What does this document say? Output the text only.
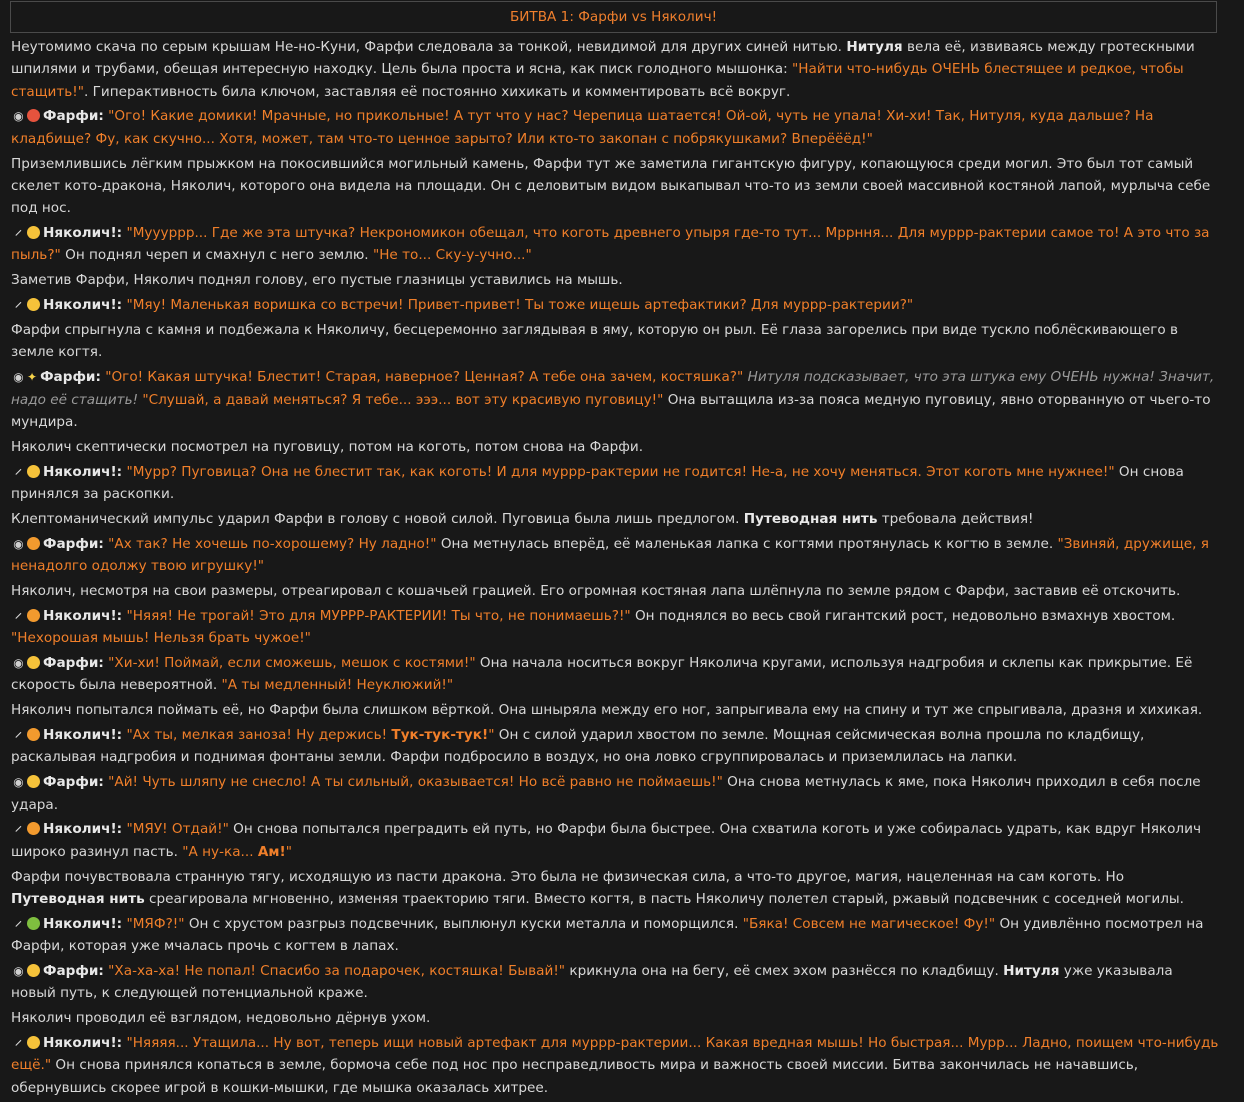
БИТВА 1: Фарфи vs Няколич!
Неутомимо скача по серым крышам Не-но-Куни, Фарфи следовала за тонкой, невидимой для других синей нитью. Нитуля вела её, извиваясь между гротескными шпилями и трубами, обещая интересную находку. Цель была проста и ясна, как писк голодного мышонка: "Найти что-нибудь ОЧЕНЬ блестящее и редкое, чтобы стащить!". Гиперактивность била ключом, заставляя её постоянно хихикать и комментировать всё вокруг.
◉ Фарфи: "Ого! Какие домики! Мрачные, но прикольные! А тут что у нас? Черепица шатается! Ой-ой, чуть не упала! Хи-хи! Так, Нитуля, куда дальше? На кладбище? Фу, как скучно... Хотя, может, там что-то ценное зарыто? Или кто-то закопан с побрякушками? Вперёёёд!"
Приземлившись лёгким прыжком на покосившийся могильный камень, Фарфи тут же заметила гигантскую фигуру, копающуюся среди могил. Это был тот самый скелет кото-дракона, Няколич, которого она видела на площади. Он с деловитым видом выкапывал что-то из земли своей массивной костяной лапой, мурлыча себе под нос.
─ Няколич!: "Муууррр... Где же эта штучка? Некрономикон обещал, что коготь древнего упыря где-то тут... Мррння... Для муррр-рактерии самое то! А это что за пыль?" Он поднял череп и смахнул с него землю. "Не то... Ску-у-учно..."
Заметив Фарфи, Няколич поднял голову, его пустые глазницы уставились на мышь.
─ Няколич!: "Мяу! Маленькая воришка со встречи! Привет-привет! Ты тоже ищешь артефактики? Для муррр-рактерии?"
Фарфи спрыгнула с камня и подбежала к Няколичу, бесцеремонно заглядывая в яму, которую он рыл. Её глаза загорелись при виде тускло поблёскивающего в земле когтя.
◉ ✦ Фарфи: "Ого! Какая штучка! Блестит! Старая, наверное? Ценная? А тебе она зачем, костяшка?" Нитуля подсказывает, что эта штука ему ОЧЕНЬ нужна! Значит, надо её стащить! "Слушай, а давай меняться? Я тебе... эээ... вот эту красивую пуговицу!" Она вытащила из-за пояса медную пуговицу, явно оторванную от чьего-то мундира.
Няколич скептически посмотрел на пуговицу, потом на коготь, потом снова на Фарфи.
─ Няколич!: "Мурр? Пуговица? Она не блестит так, как коготь! И для муррр-рактерии не годится! Не-а, не хочу меняться. Этот коготь мне нужнее!" Он снова принялся за раскопки.
Клептоманический импульс ударил Фарфи в голову с новой силой. Пуговица была лишь предлогом. Путеводная нить требовала действия!
◉ Фарфи: "Ах так? Не хочешь по-хорошему? Ну ладно!" Она метнулась вперёд, её маленькая лапка с когтями протянулась к когтю в земле. "Звиняй, дружище, я ненадолго одолжу твою игрушку!"
Няколич, несмотря на свои размеры, отреагировал с кошачьей грацией. Его огромная костяная лапа шлёпнула по земле рядом с Фарфи, заставив её отскочить.
─ Няколич!: "Няяя! Не трогай! Это для МУРРР-РАКТЕРИИ! Ты что, не понимаешь?!" Он поднялся во весь свой гигантский рост, недовольно взмахнув хвостом. "Нехорошая мышь! Нельзя брать чужое!"
◉ Фарфи: "Хи-хи! Поймай, если сможешь, мешок с костями!" Она начала носиться вокруг Няколича кругами, используя надгробия и склепы как прикрытие. Её скорость была невероятной. "А ты медленный! Неуклюжий!"
Няколич попытался поймать её, но Фарфи была слишком вёрткой. Она шныряла между его ног, запрыгивала ему на спину и тут же спрыгивала, дразня и хихикая.
─ Няколич!: "Ах ты, мелкая заноза! Ну держись! Тук-тук-тук!" Он с силой ударил хвостом по земле. Мощная сейсмическая волна прошла по кладбищу, раскалывая надгробия и поднимая фонтаны земли. Фарфи подбросило в воздух, но она ловко сгруппировалась и приземлилась на лапки.
◉ Фарфи: "Ай! Чуть шляпу не снесло! А ты сильный, оказывается! Но всё равно не поймаешь!" Она снова метнулась к яме, пока Няколич приходил в себя после удара.
─ Няколич!: "МЯУ! Отдай!" Он снова попытался преградить ей путь, но Фарфи была быстрее. Она схватила коготь и уже собиралась удрать, как вдруг Няколич широко разинул пасть. "А ну-ка... Ам!"
Фарфи почувствовала странную тягу, исходящую из пасти дракона. Это была не физическая сила, а что-то другое, магия, нацеленная на сам коготь. Но Путеводная нить среагировала мгновенно, изменяя траекторию тяги. Вместо когтя, в пасть Няколичу полетел старый, ржавый подсвечник с соседней могилы.
─ Няколич!: "МЯФ?!" Он с хрустом разгрыз подсвечник, выплюнул куски металла и поморщился. "Бяка! Совсем не магическое! Фу!" Он удивлённо посмотрел на Фарфи, которая уже мчалась прочь с когтем в лапах.
◉ Фарфи: "Ха-ха-ха! Не попал! Спасибо за подарочек, костяшка! Бывай!" крикнула она на бегу, её смех эхом разнёсся по кладбищу. Нитуля уже указывала новый путь, к следующей потенциальной краже.
Няколич проводил её взглядом, недовольно дёрнув ухом.
─ Няколич!: "Няяяя... Утащила... Ну вот, теперь ищи новый артефакт для муррр-рактерии... Какая вредная мышь! Но быстрая... Мурр... Ладно, поищем что-нибудь ещё." Он снова принялся копаться в земле, бормоча себе под нос про несправедливость мира и важность своей миссии. Битва закончилась не начавшись, обернувшись скорее игрой в кошки-мышки, где мышка оказалась хитрее.
